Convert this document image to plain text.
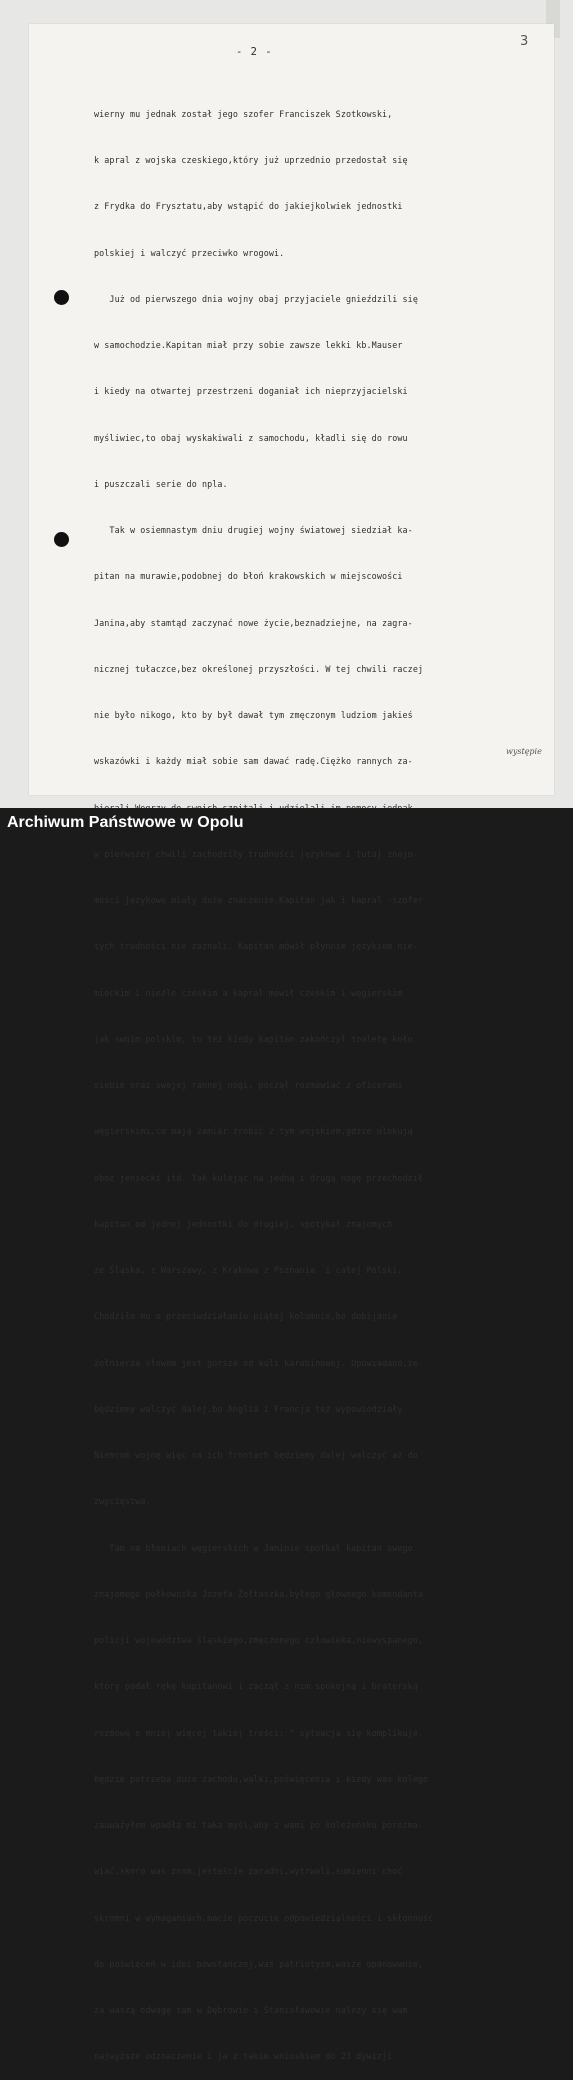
3
- 2 -

wierny mu jednak został jego szofer Franciszek Szotkowski,

k apral z wojska czeskiego,który już uprzednio przedostał się

z Frydka do Frysztatu,aby wstąpić do jakiejkolwiek jednostki

polskiej i walczyć przeciwko wrogowi.

Już od pierwszego dnia wojny obaj przyjaciele gnieździli się

w samochodzie.Kapitan miał przy sobie zawsze lekki kb.Mauser

i kiedy na otwartej przestrzeni doganiał ich nieprzyjacielski

myśliwiec,to obaj wyskakiwali z samochodu, kładli się do rowu

i puszczali serie do npla.

Tak w osiemnastym dniu drugiej wojny światowej siedział ka-

pitan na murawie,podobnej do błoń krakowskich w miejscowości

Janina,aby stamtąd zaczynać nowe życie,beznadziejne, na zagra-

nicznej tułaczce,bez określonej przyszłości. W tej chwili raczej

nie było nikogo, kto by był dawał tym zmęczonym ludziom jakieś

wskazówki i każdy miał sobie sam dawać radę.Ciężko rannych za-

w pierwszej chwili zachodziły trudności językowe i tutaj znajo-

mości językowe miały duże znaczenie.Kapitan jak i kapral -szofer

tych trudności nie zaznali. Kapitan mówił płynnie językiem nie-

mieckim i nieźle czeskim a kapral mówił czeskim i węgierskim

jak swoim polskim, to też kiedy kapitan zakończył toaletę koło

siebie oraz swojej rannej nogi, począł rozmawiać z oficerami

węgierskimi,co mają zamiar zrobić z tym wojskiem,gdzie ulokują

obóz jeniecki itd. Tak kulejąc na jedną i drugą nogę przechodził

kapitan od jednej jednostki do drugiej, spotykał znajomych

ze Śląska, z Warszawy, z Krakowa z Poznania  i całej Polski.

Chodziło mu o przeciwdziałaniu piątej kolumnie,bo dobijanie

żołnierza słowem jest gorsze od kuli karabinowej. Opowiadano,że

będziemy walczyć dalej,bo Anglia i Francja też wypowiedziały

Niemcom wojnę więc na ich frontach będziemy dalej walczyć aż do

zwycięstwa.

Tam na błoniach węgierskich w Janinie spotkał kapitan swego

znajomego pułkownika Józefa Żołtaszka,byłego głównego komendanta

policji województwa śląskiego,zmęczonego człowieka,niewyspanego,

który podał rękę kapitanowi i zaczął z nim spokojną i braterską

rozmowę o mniej więcej takiej treści: " sytuacja się komplikuje,

będzie potrzeba dużo zachodu,walki,poświęcenia i kiedy was kolego

zauważyłem wpadła mi taka myśl,aby z wami po koleżeńsku porozma-

wiać,skoro was znam,jesteście zaradni,wytrwali,sumienni choć

skromni w wymaganiach,macie poczucie odpowiedzialności i skłonność

do poświęceń w idei powstańczej,was patriotyzm,wasze opanowanie,

za waszą odwagę tam w Dębrowie i Stanisławowie należy się wam

najwyższe odznaczenie i ja z takim wnioskiem do 23 dywizji

występie
Archiwum Państwowe w Opolu
